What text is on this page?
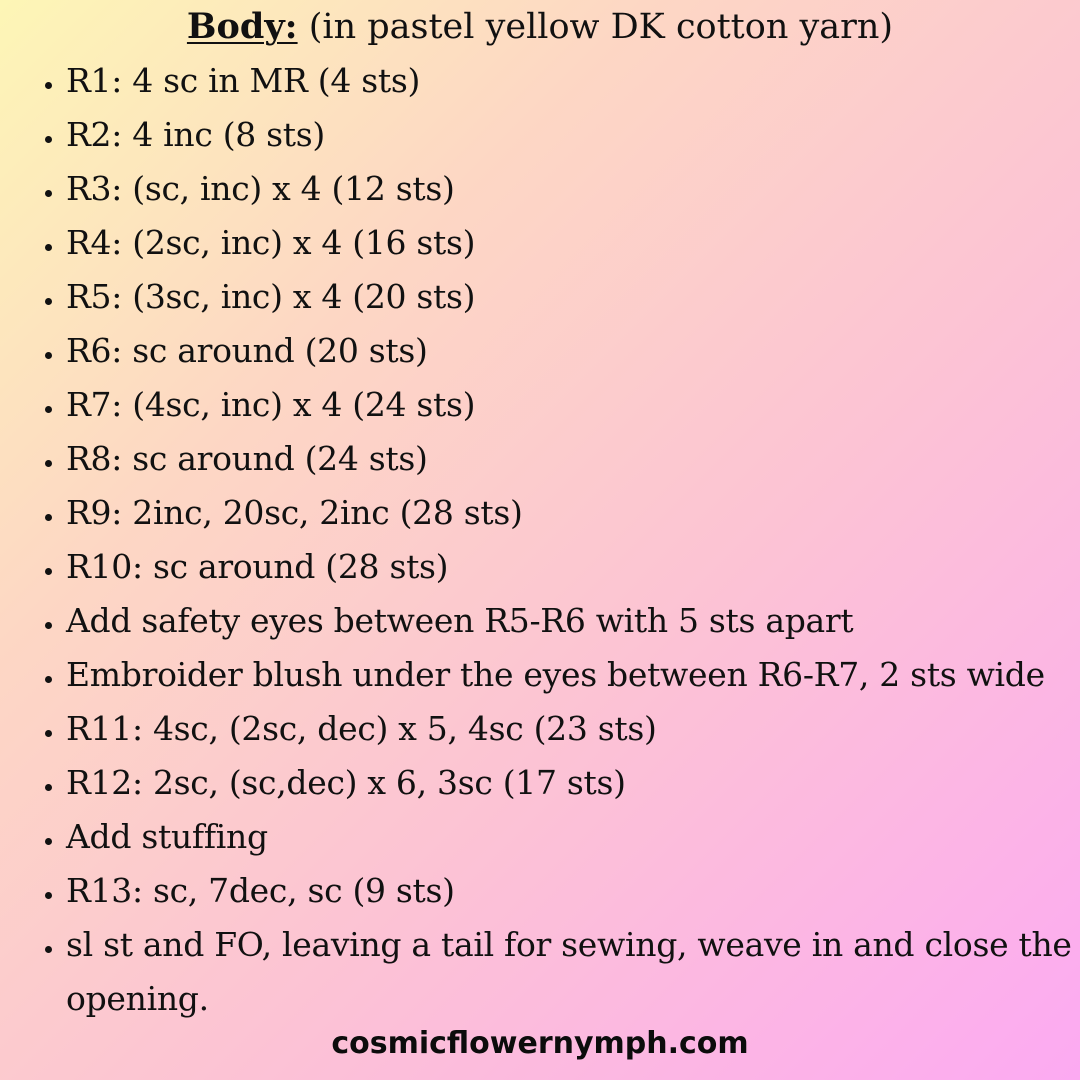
Body: (in pastel yellow DK cotton yarn)
• R1: 4 sc in MR (4 sts)
• R2: 4 inc (8 sts)
• R3: (sc, inc) x 4 (12 sts)
• R4: (2sc, inc) x 4 (16 sts)
• R5: (3sc, inc) x 4 (20 sts)
• R6: sc around (20 sts)
• R7: (4sc, inc) x 4 (24 sts)
• R8: sc around (24 sts)
• R9: 2inc, 20sc, 2inc (28 sts)
• R10: sc around (28 sts)
• Add safety eyes between R5-R6 with 5 sts apart
• Embroider blush under the eyes between R6-R7, 2 sts wide
• R11: 4sc, (2sc, dec) x 5, 4sc (23 sts)
• R12: 2sc, (sc,dec) x 6, 3sc (17 sts)
• Add stuffing
• R13: sc, 7dec, sc (9 sts)
• sl st and FO, leaving a tail for sewing, weave in and close the opening.
cosmicflowernymph.com
